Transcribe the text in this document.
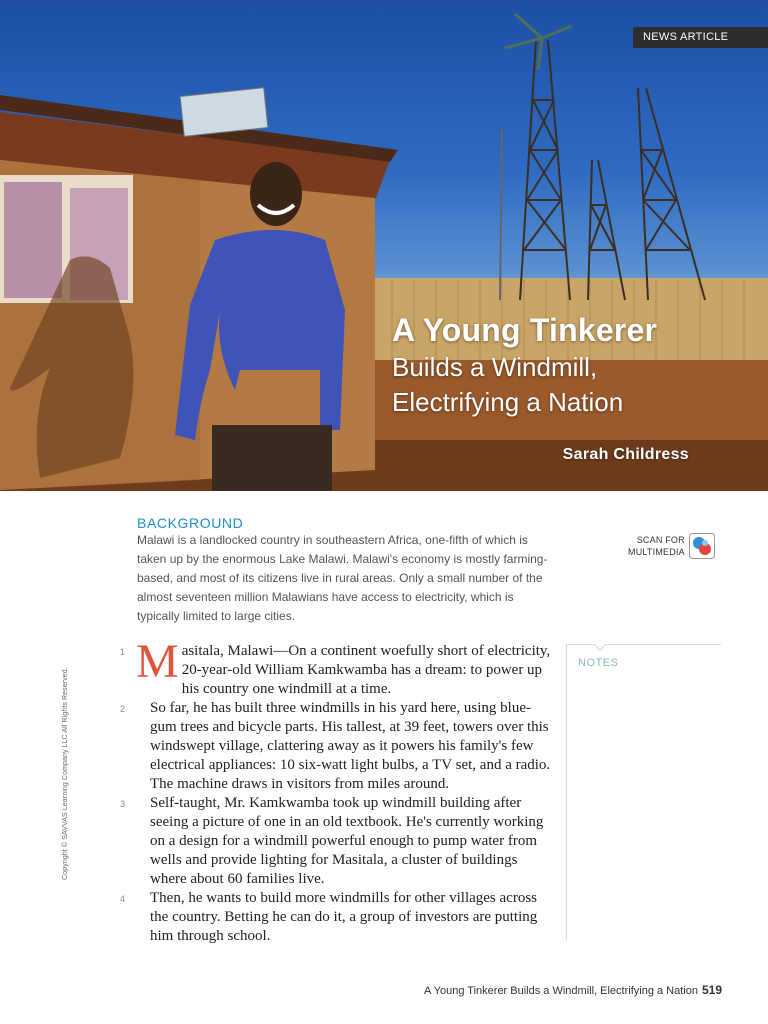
NEWS ARTICLE
A Young Tinkerer
Builds a Windmill,
Electrifying a Nation
Sarah Childress
BACKGROUND

Malawi is a landlocked country in southeastern Africa, one-fifth of which is taken up by the enormous Lake Malawi. Malawi's economy is mostly farming-based, and most of its citizens live in rural areas. Only a small number of the almost seventeen million Malawians have access to electricity, which is typically limited to large cities.

SCAN FOR
MULTIMEDIA
1 M asitala, Malawi—On a continent woefully short of electricity, 20-year-old William Kamkwamba has a dream: to power up his country one windmill at a time.
2 So far, he has built three windmills in his yard here, using blue-gum trees and bicycle parts. His tallest, at 39 feet, towers over this windswept village, clattering away as it powers his family's few electrical appliances: 10 six-watt light bulbs, a TV set, and a radio. The machine draws in visitors from miles around.
3 Self-taught, Mr. Kamkwamba took up windmill building after seeing a picture of one in an old textbook. He's currently working on a design for a windmill powerful enough to pump water from wells and provide lighting for Masitala, a cluster of buildings where about 60 families live.
4 Then, he wants to build more windmills for other villages across the country. Betting he can do it, a group of investors are putting him through school.
NOTES
Copyright © SAVVAS Learning Company LLC All Rights Reserved.
A Young Tinkerer Builds a Windmill, Electrifying a Nation 519
